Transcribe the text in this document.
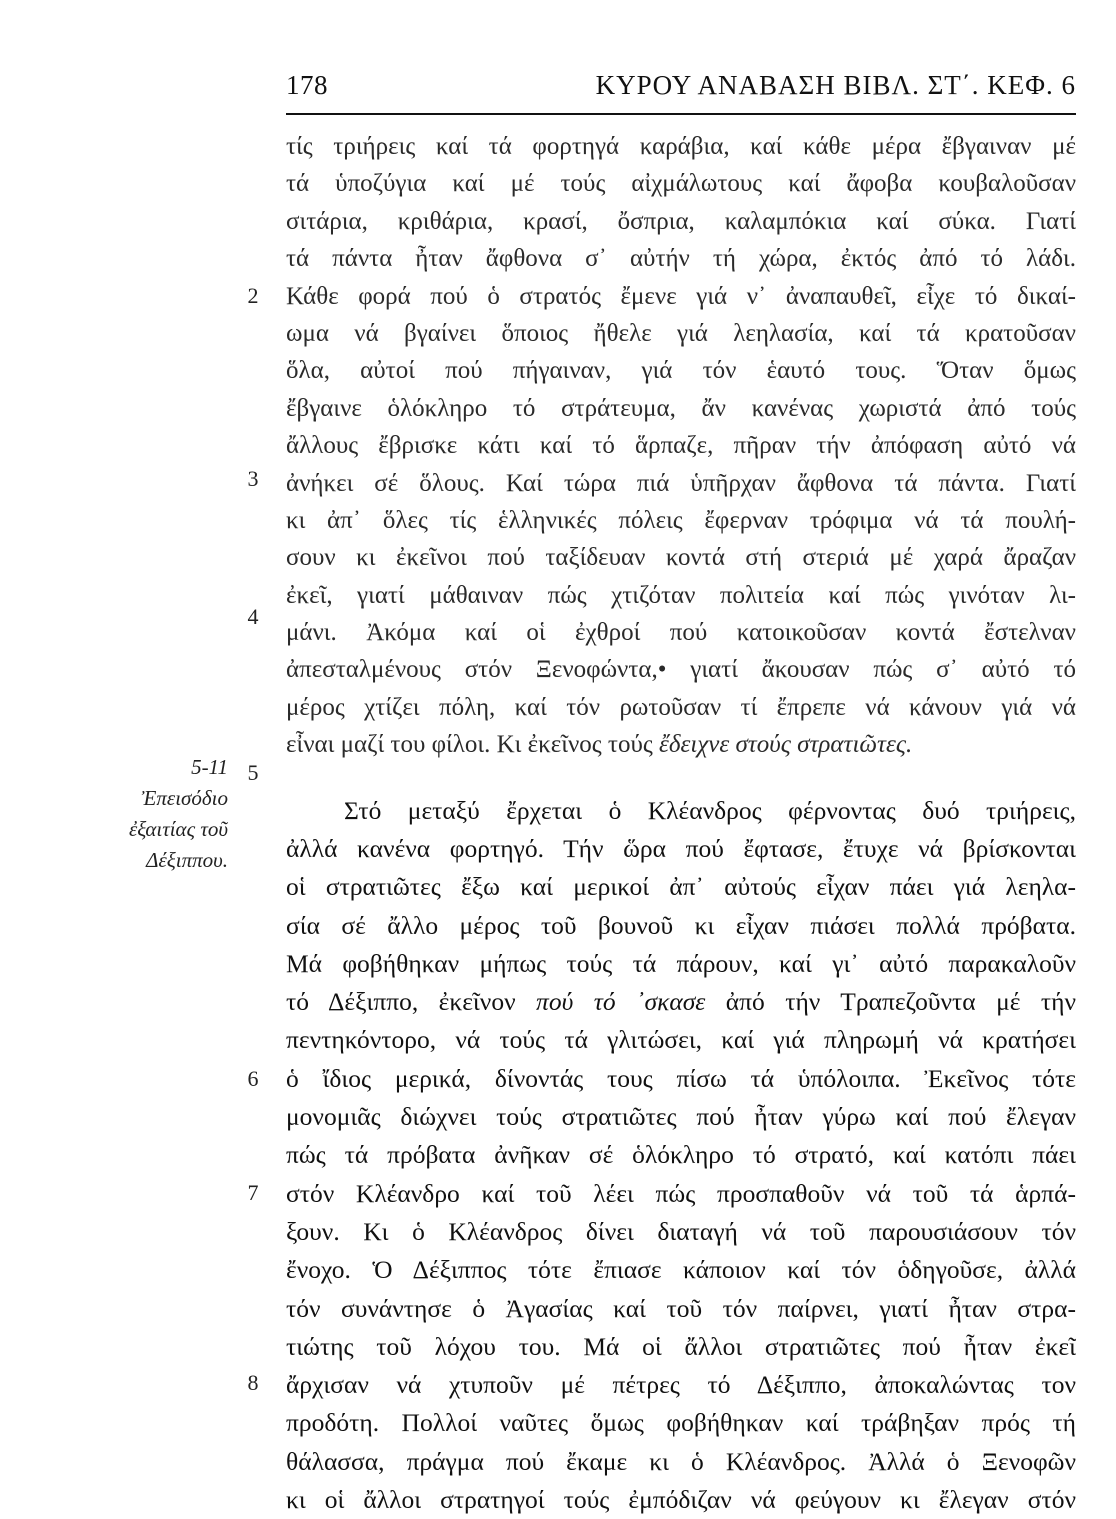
178	ΚΥΡΟΥ ΑΝΑΒΑΣΗ ΒΙΒΛ. ΣΤ΄. ΚΕΦ. 6
2
3
4
5
6
7
8
5-11
Ἐπεισόδιο
ἐξαιτίας τοῦ
Δέξιππου.
τίς τριήρεις καί τά φορτηγά καράβια, καί κάθε μέρα ἔβγαιναν μέ
τά ὑποζύγια καί μέ τούς αἰχμάλωτους καί ἄφοβα κουβαλοῦσαν
σιτάρια, κριθάρια, κρασί, ὄσπρια, καλαμπόκια καί σύκα. Γιατί
τά πάντα ἦταν ἄφθονα σ᾽ αὐτήν τή χώρα, ἐκτός ἀπό τό λάδι.
Κάθε φορά πού ὁ στρατός ἔμενε γιά ν᾽ ἀναπαυθεῖ, εἶχε τό δικαί-
ωμα νά βγαίνει ὅποιος ἤθελε γιά λεηλασία, καί τά κρατοῦσαν
ὅλα, αὐτοί πού πήγαιναν, γιά τόν ἑαυτό τους. Ὅταν ὅμως
ἔβγαινε ὁλόκληρο τό στράτευμα, ἄν κανένας χωριστά ἀπό τούς
ἄλλους ἔβρισκε κάτι καί τό ἅρπαζε, πῆραν τήν ἀπόφαση αὐτό νά
ἀνήκει σέ ὅλους. Καί τώρα πιά ὑπῆρχαν ἄφθονα τά πάντα. Γιατί
κι ἀπ᾽ ὅλες τίς ἑλληνικές πόλεις ἔφερναν τρόφιμα νά τά πουλή-
σουν κι ἐκεῖνοι πού ταξίδευαν κοντά στή στεριά μέ χαρά ἄραζαν
ἐκεῖ, γιατί μάθαιναν πώς χτιζόταν πολιτεία καί πώς γινόταν λι-
μάνι. Ἀκόμα καί οἱ ἐχθροί πού κατοικοῦσαν κοντά ἔστελναν
ἀπεσταλμένους στόν Ξενοφώντα,• γιατί ἄκουσαν πώς σ᾽ αὐτό τό
μέρος χτίζει πόλη, καί τόν ρωτοῦσαν τί ἔπρεπε νά κάνουν γιά νά
εἶναι μαζί του φίλοι. Κι ἐκεῖνος τούς ἔδειχνε στούς στρατιῶτες.
Στό μεταξύ ἔρχεται ὁ Κλέανδρος φέρνοντας δυό τριήρεις,
ἀλλά κανένα φορτηγό. Τήν ὥρα πού ἔφτασε, ἔτυχε νά βρίσκονται
οἱ στρατιῶτες ἔξω καί μερικοί ἀπ᾽ αὐτούς εἶχαν πάει γιά λεηλα-
σία σέ ἄλλο μέρος τοῦ βουνοῦ κι εἶχαν πιάσει πολλά πρόβατα.
Μά φοβήθηκαν μήπως τούς τά πάρουν, καί γι᾽ αὐτό παρακαλοῦν
τό Δέξιππο, ἐκεῖνον πού τό ᾿σκασε ἀπό τήν Τραπεζοῦντα μέ τήν
πεντηκόντορο, νά τούς τά γλιτώσει, καί γιά πληρωμή νά κρατήσει
ὁ ἴδιος μερικά, δίνοντάς τους πίσω τά ὑπόλοιπα. Ἐκεῖνος τότε
μονομιᾶς διώχνει τούς στρατιῶτες πού ἦταν γύρω καί πού ἔλεγαν
πώς τά πρόβατα ἀνῆκαν σέ ὁλόκληρο τό στρατό, καί κατόπι πάει
στόν Κλέανδρο καί τοῦ λέει πώς προσπαθοῦν νά τοῦ τά ἁρπά-
ξουν. Κι ὁ Κλέανδρος δίνει διαταγή νά τοῦ παρουσιάσουν τόν
ἔνοχο. Ὁ Δέξιππος τότε ἔπιασε κάποιον καί τόν ὁδηγοῦσε, ἀλλά
τόν συνάντησε ὁ Ἀγασίας καί τοῦ τόν παίρνει, γιατί ἦταν στρα-
τιώτης τοῦ λόχου του. Μά οἱ ἄλλοι στρατιῶτες πού ἦταν ἐκεῖ
ἄρχισαν νά χτυποῦν μέ πέτρες τό Δέξιππο, ἀποκαλώντας τον
προδότη. Πολλοί ναῦτες ὅμως φοβήθηκαν καί τράβηξαν πρός τή
θάλασσα, πράγμα πού ἔκαμε κι ὁ Κλέανδρος. Ἀλλά ὁ Ξενοφῶν
κι οἱ ἄλλοι στρατηγοί τούς ἐμπόδιζαν νά φεύγουν κι ἔλεγαν στόν
